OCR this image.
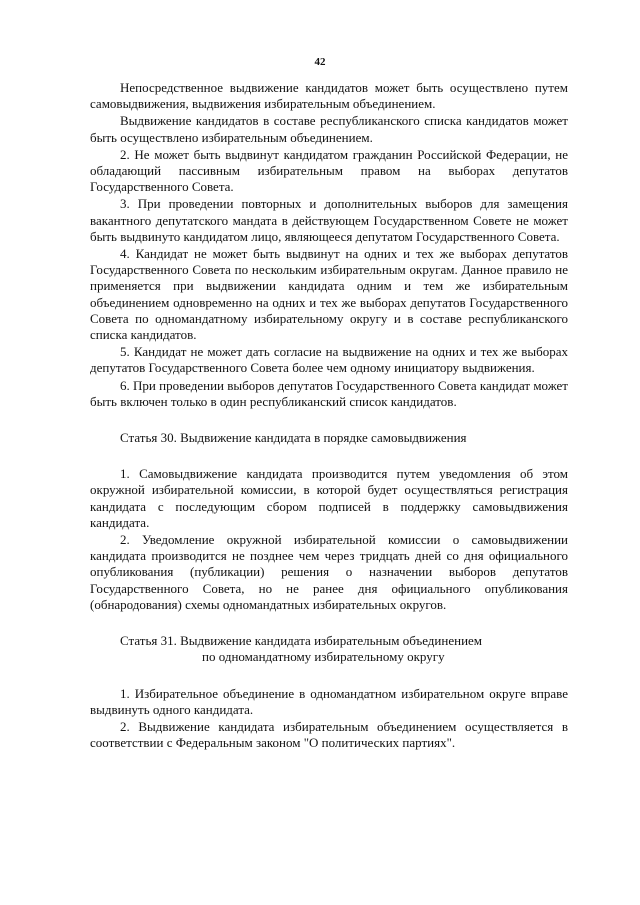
42

Непосредственное выдвижение кандидатов может быть осуществлено путем самовыдвижения, выдвижения избирательным объединением.

Выдвижение кандидатов в составе республиканского списка кандидатов может быть осуществлено избирательным объединением.

2. Не может быть выдвинут кандидатом гражданин Российской Федерации, не обладающий пассивным избирательным правом на выборах депутатов Государственного Совета.

3. При проведении повторных и дополнительных выборов для замещения вакантного депутатского мандата в действующем Государственном Совете не может быть выдвинуто кандидатом лицо, являющееся депутатом Государственного Совета.

4. Кандидат не может быть выдвинут на одних и тех же выборах депутатов Государственного Совета по нескольким избирательным округам. Данное правило не применяется при выдвижении кандидата одним и тем же избирательным объединением одновременно на одних и тех же выборах депутатов Государственного Совета по одномандатному избирательному округу и в составе республиканского списка кандидатов.

5. Кандидат не может дать согласие на выдвижение на одних и тех же выборах депутатов Государственного Совета более чем одному инициатору выдвижения.

6. При проведении выборов депутатов Государственного Совета кандидат может быть включен только в один республиканский список кандидатов.

Статья 30. Выдвижение кандидата в порядке самовыдвижения

1. Самовыдвижение кандидата производится путем уведомления об этом окружной избирательной комиссии, в которой будет осуществляться регистрация кандидата с последующим сбором подписей в поддержку самовыдвижения кандидата.

2. Уведомление окружной избирательной комиссии о самовыдвижении кандидата производится не позднее чем через тридцать дней со дня официального опубликования (публикации) решения о назначении выборов депутатов Государственного Совета, но не ранее дня официального опубликования (обнародования) схемы одномандатных избирательных округов.

Статья 31. Выдвижение кандидата избирательным объединением
по одномандатному избирательному округу

1. Избирательное объединение в одномандатном избирательном округе вправе выдвинуть одного кандидата.

2. Выдвижение кандидата избирательным объединением осуществляется в соответствии с Федеральным законом "О политических партиях".
